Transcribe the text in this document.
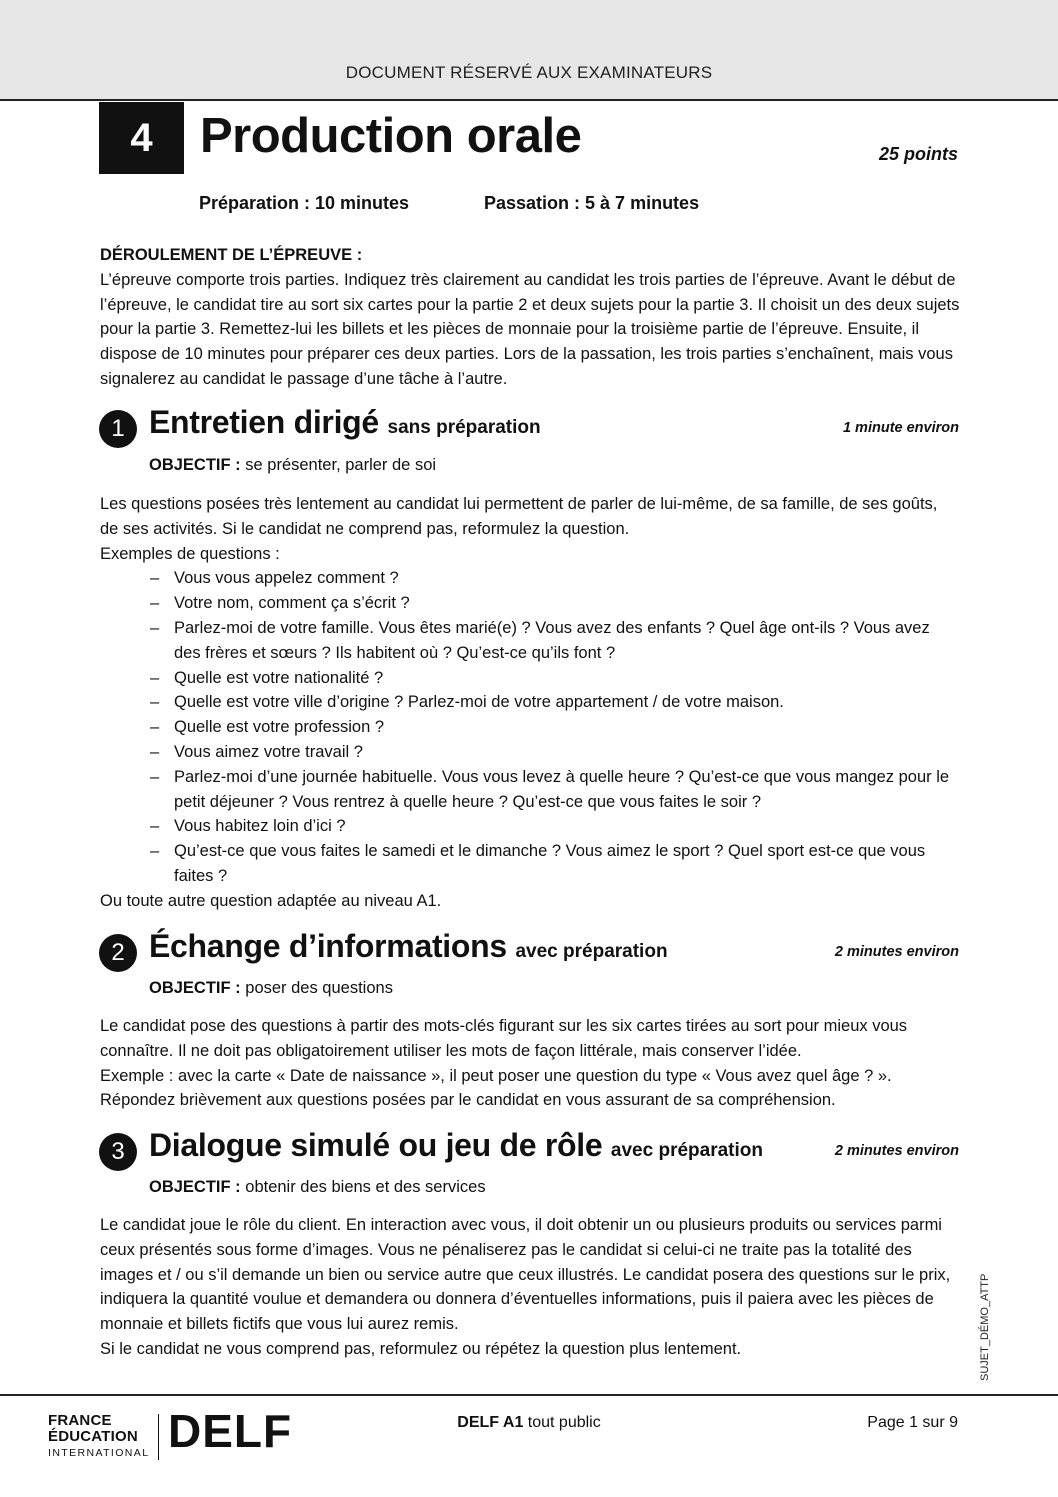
DOCUMENT RÉSERVÉ AUX EXAMINATEURS
4 Production orale	25 points
Préparation : 10 minutes	Passation : 5 à 7 minutes

DÉROULEMENT DE L’ÉPREUVE :

L’épreuve comporte trois parties. Indiquez très clairement au candidat les trois parties de l’épreuve. Avant le début de l’épreuve, le candidat tire au sort six cartes pour la partie 2 et deux sujets pour la partie 3. Il choisit un des deux sujets pour la partie 3. Remettez-lui les billets et les pièces de monnaie pour la troisième partie de l’épreuve. Ensuite, il dispose de 10 minutes pour préparer ces deux parties. Lors de la passation, les trois parties s’enchaînent, mais vous signalerez au candidat le passage d’une tâche à l’autre.

1 Entretien dirigé sans préparation	1 minute environ
OBJECTIF : se présenter, parler de soi

Les questions posées très lentement au candidat lui permettent de parler de lui-même, de sa famille, de ses goûts, de ses activités. Si le candidat ne comprend pas, reformulez la question.

Exemples de questions :

– Vous vous appelez comment ?
– Votre nom, comment ça s’écrit ?
– Parlez-moi de votre famille. Vous êtes marié(e) ? Vous avez des enfants ? Quel âge ont-ils ? Vous avez des frères et sœurs ? Ils habitent où ? Qu’est-ce qu’ils font ?
– Quelle est votre nationalité ?
– Quelle est votre ville d’origine ? Parlez-moi de votre appartement / de votre maison.
– Quelle est votre profession ?
– Vous aimez votre travail ?
– Parlez-moi d’une journée habituelle. Vous vous levez à quelle heure ? Qu’est-ce que vous mangez pour le petit déjeuner ? Vous rentrez à quelle heure ? Qu’est-ce que vous faites le soir ?
– Vous habitez loin d’ici ?
– Qu’est-ce que vous faites le samedi et le dimanche ? Vous aimez le sport ? Quel sport est-ce que vous faites ?

Ou toute autre question adaptée au niveau A1.

2 Échange d’informations avec préparation	2 minutes environ
OBJECTIF : poser des questions

Le candidat pose des questions à partir des mots-clés figurant sur les six cartes tirées au sort pour mieux vous connaître. Il ne doit pas obligatoirement utiliser les mots de façon littérale, mais conserver l’idée.

Exemple : avec la carte « Date de naissance », il peut poser une question du type « Vous avez quel âge ? ».

Répondez brièvement aux questions posées par le candidat en vous assurant de sa compréhension.

3 Dialogue simulé ou jeu de rôle avec préparation	2 minutes environ
OBJECTIF : obtenir des biens et des services

Le candidat joue le rôle du client. En interaction avec vous, il doit obtenir un ou plusieurs produits ou services parmi ceux présentés sous forme d’images. Vous ne pénaliserez pas le candidat si celui-ci ne traite pas la totalité des images et / ou s’il demande un bien ou service autre que ceux illustrés. Le candidat posera des questions sur le prix, indiquera la quantité voulue et demandera ou donnera d’éventuelles informations, puis il paiera avec les pièces de monnaie et billets fictifs que vous lui aurez remis.

Si le candidat ne vous comprend pas, reformulez ou répétez la question plus lentement.	SUJET_DÉMO_ATTP
FRANCE
ÉDUCATION
INTERNATIONAL DELF	DELF A1 tout public	Page 1 sur 9
